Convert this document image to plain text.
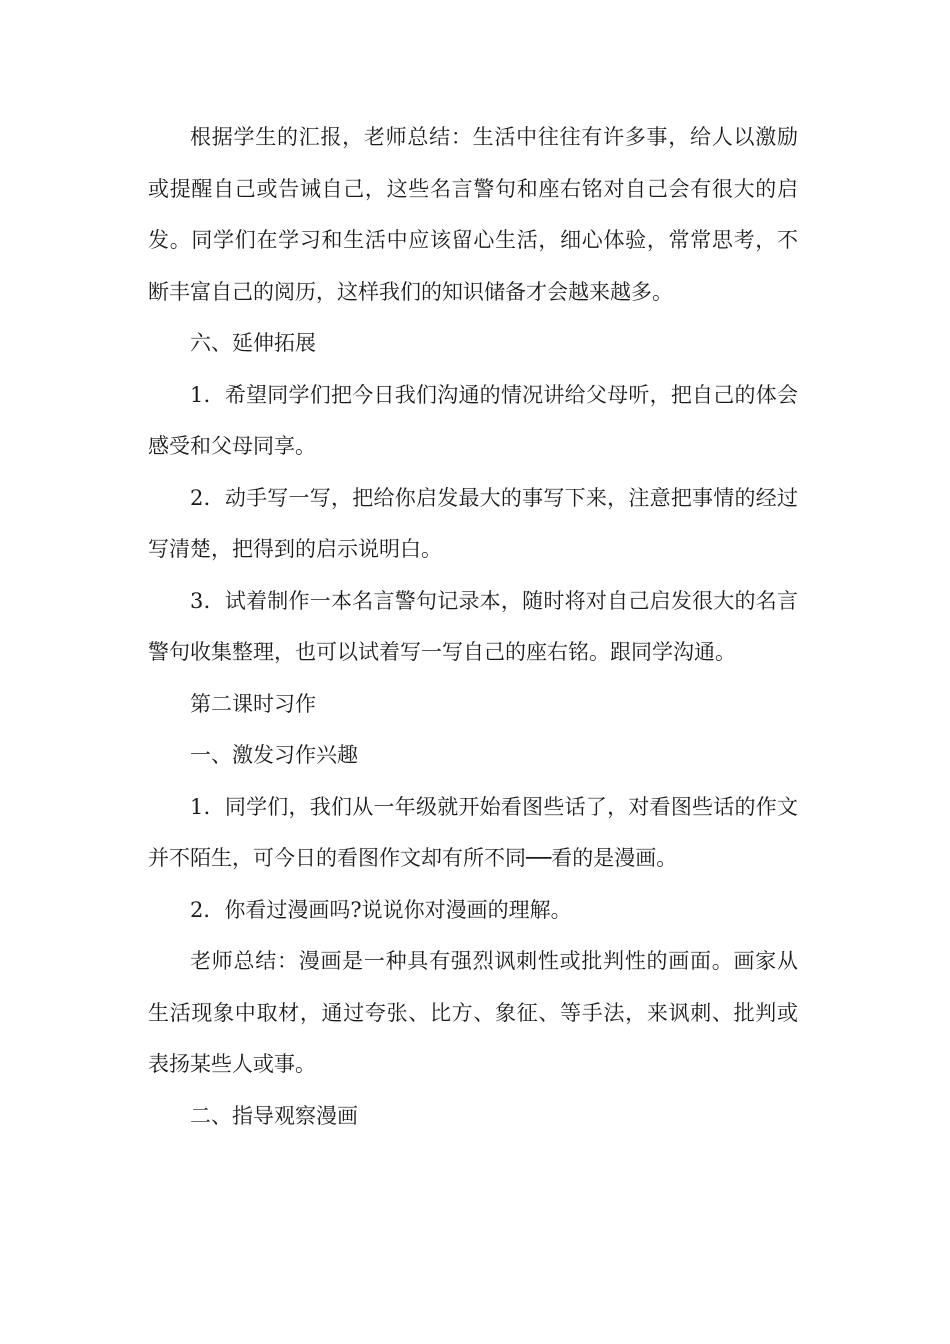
根据学生的汇报，老师总结：生活中往往有许多事，给人以激励或提醒自己或告诫自己，这些名言警句和座右铭对自己会有很大的启发。同学们在学习和生活中应该留心生活，细心体验，常常思考，不断丰富自己的阅历，这样我们的知识储备才会越来越多。

六、延伸拓展

1．希望同学们把今日我们沟通的情况讲给父母听，把自己的体会感受和父母同享。

2．动手写一写，把给你启发最大的事写下来，注意把事情的经过写清楚，把得到的启示说明白。

3．试着制作一本名言警句记录本，随时将对自己启发很大的名言警句收集整理，也可以试着写一写自己的座右铭。跟同学沟通。

第二课时习作

一、激发习作兴趣

1．同学们，我们从一年级就开始看图些话了，对看图些话的作文并不陌生，可今日的看图作文却有所不同──看的是漫画。

2．你看过漫画吗?说说你对漫画的理解。

老师总结：漫画是一种具有强烈讽刺性或批判性的画面。画家从生活现象中取材，通过夸张、比方、象征、等手法，来讽刺、批判或表扬某些人或事。

二、指导观察漫画
